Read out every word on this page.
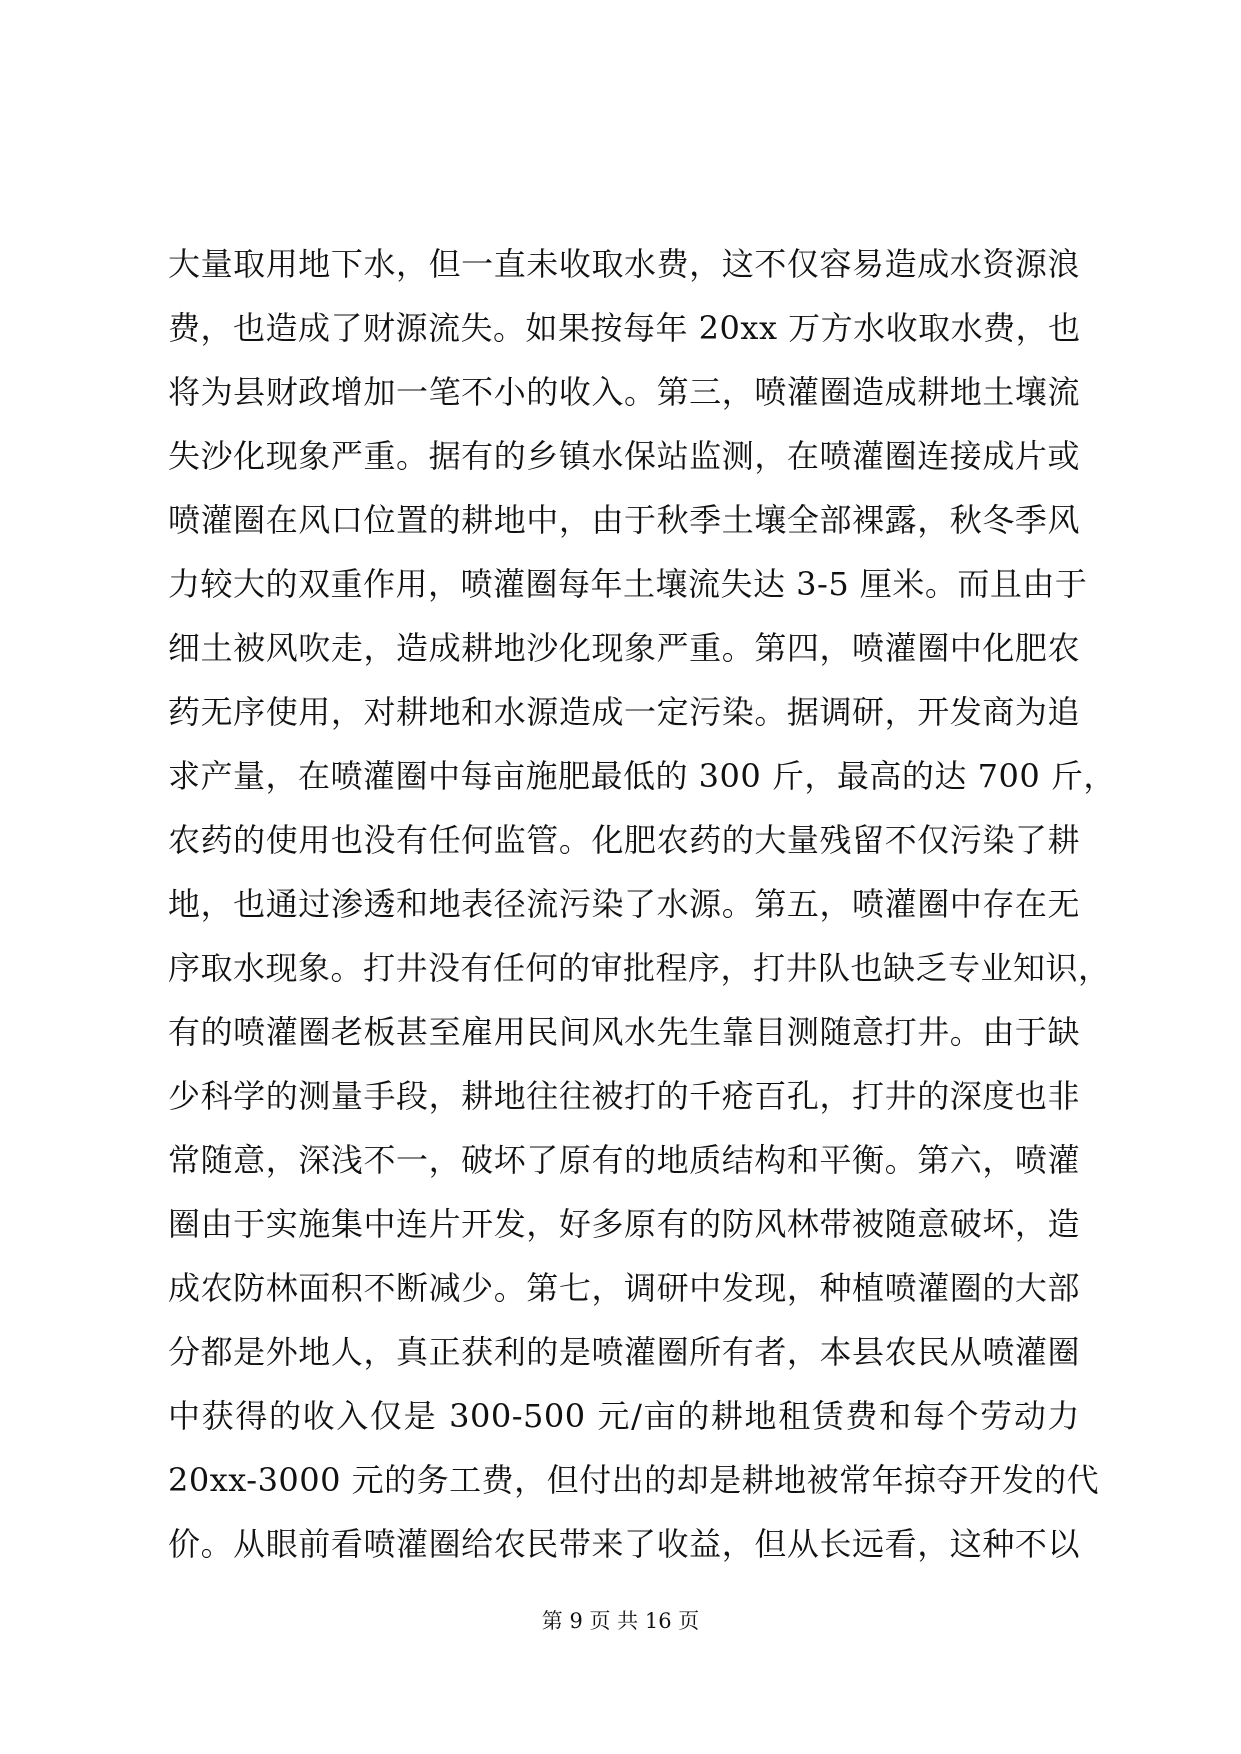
大量取用地下水，但一直未收取水费，这不仅容易造成水资源浪
费，也造成了财源流失。如果按每年 20xx 万方水收取水费，也
将为县财政增加一笔不小的收入。第三，喷灌圈造成耕地土壤流
失沙化现象严重。据有的乡镇水保站监测，在喷灌圈连接成片或
喷灌圈在风口位置的耕地中，由于秋季土壤全部裸露，秋冬季风
力较大的双重作用，喷灌圈每年土壤流失达 3-5 厘米。而且由于
细土被风吹走，造成耕地沙化现象严重。第四，喷灌圈中化肥农
药无序使用，对耕地和水源造成一定污染。据调研，开发商为追
求产量，在喷灌圈中每亩施肥最低的 300 斤，最高的达 700 斤，
农药的使用也没有任何监管。化肥农药的大量残留不仅污染了耕
地，也通过渗透和地表径流污染了水源。第五，喷灌圈中存在无
序取水现象。打井没有任何的审批程序，打井队也缺乏专业知识，
有的喷灌圈老板甚至雇用民间风水先生靠目测随意打井。由于缺
少科学的测量手段，耕地往往被打的千疮百孔，打井的深度也非
常随意，深浅不一，破坏了原有的地质结构和平衡。第六，喷灌
圈由于实施集中连片开发，好多原有的防风林带被随意破坏，造
成农防林面积不断减少。第七，调研中发现，种植喷灌圈的大部
分都是外地人，真正获利的是喷灌圈所有者，本县农民从喷灌圈
中获得的收入仅是 300-500 元/亩的耕地租赁费和每个劳动力
20xx-3000 元的务工费，但付出的却是耕地被常年掠夺开发的代
价。从眼前看喷灌圈给农民带来了收益，但从长远看，这种不以
第 9 页 共 16 页
